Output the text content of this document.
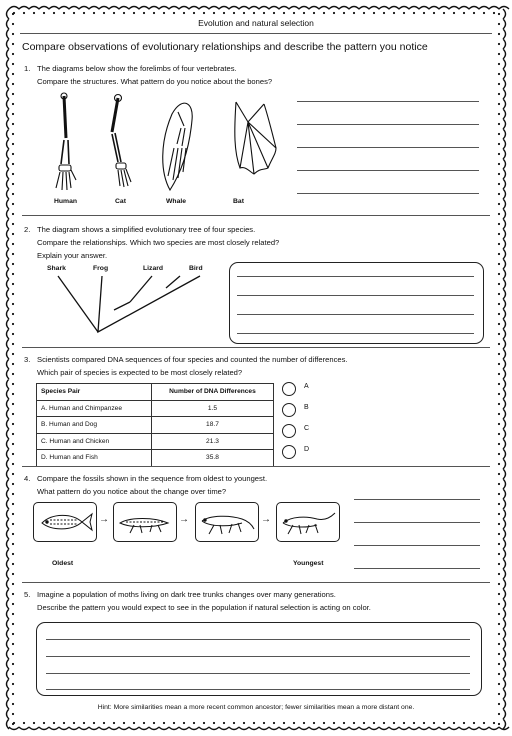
Evolution and natural selection
Compare observations of evolutionary relationships and describe the pattern you notice
1. The diagrams below show the forelimbs of four vertebrates.
Compare the structures. What pattern do you notice about the bones?
Human	Cat	Whale	Bat
2. The diagram shows a simplified evolutionary tree of four species.
Compare the relationships. Which two species are most closely related?
Explain your answer.
Shark	Frog	Lizard	Bird
3. Scientists compared DNA sequences of four species and counted the number of differences.
Which pair of species is expected to be most closely related?
Species Pair	Number of DNA Differences
A. Human and Chimpanzee	1.5
B. Human and Dog	18.7
C. Human and Chicken	21.3
D. Human and Fish	35.8
A
B
C
D
4. Compare the fossils shown in the sequence from oldest to youngest.
What pattern do you notice about the change over time?
→	→	→
Oldest	Youngest
5. Imagine a population of moths living on dark tree trunks changes over many generations.
Describe the pattern you would expect to see in the population if natural selection is acting on color.
Hint: More similarities mean a more recent common ancestor; fewer similarities mean a more distant one.
